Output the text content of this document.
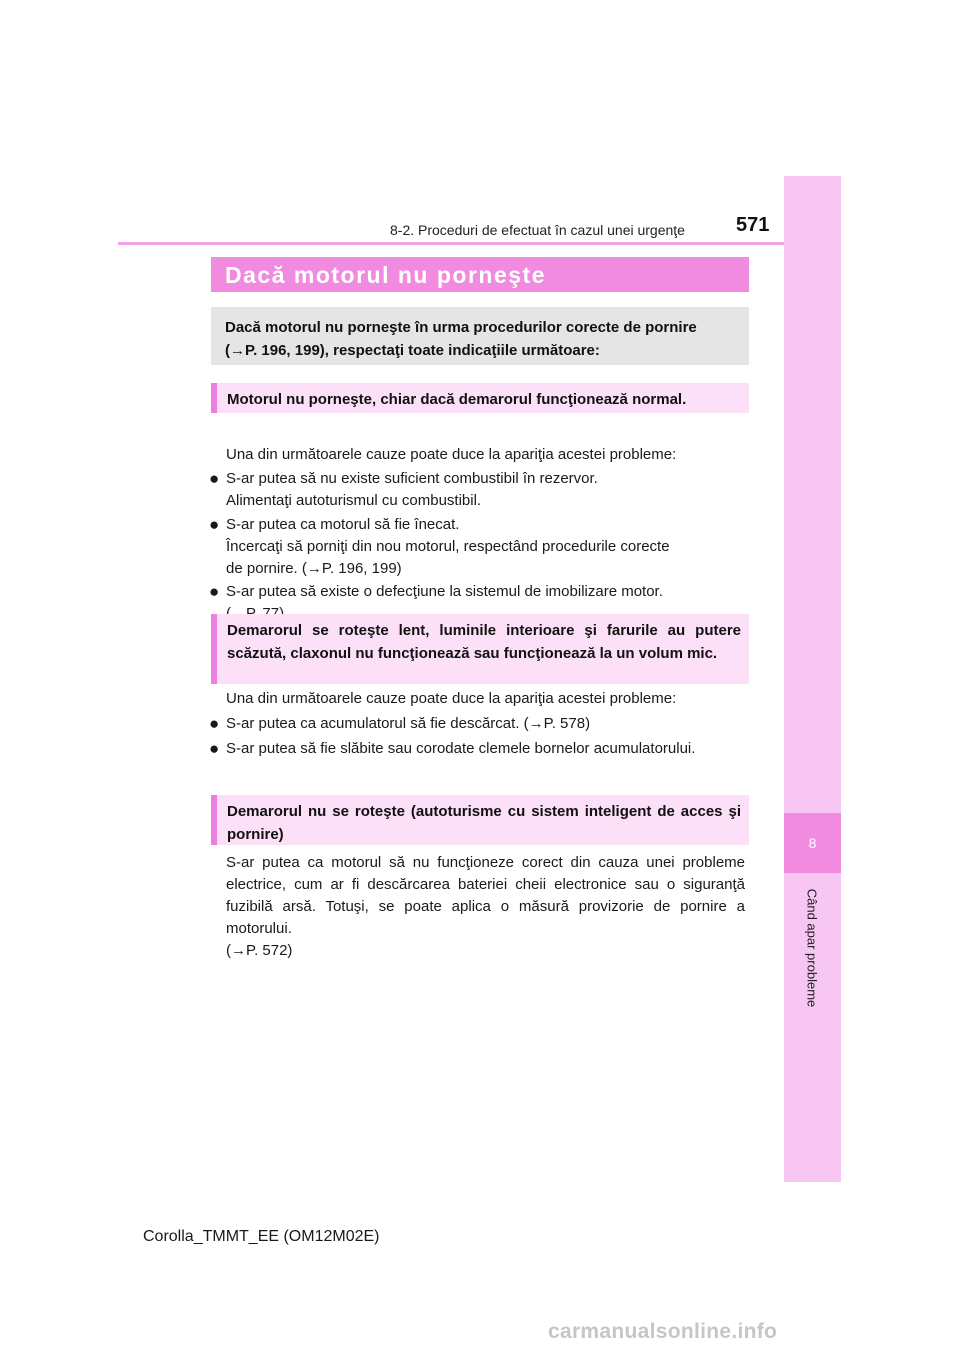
8
Când apar probleme
8-2. Proceduri de efectuat în cazul unei urgenţe	571
Dacă motorul nu porneşte
Dacă motorul nu porneşte în urma procedurilor corecte de pornire
(→P. 196, 199), respectaţi toate indicaţiile următoare:
Motorul nu porneşte, chiar dacă demarorul funcţionează normal.
Una din următoarele cauze poate duce la apariţia acestei probleme:
● S-ar putea să nu existe suficient combustibil în rezervor.
Alimentaţi autoturismul cu combustibil.
● S-ar putea ca motorul să fie înecat.
Încercaţi să porniţi din nou motorul, respectând procedurile corecte
de pornire. (→P. 196, 199)
● S-ar putea să existe o defecţiune la sistemul de imobilizare motor.
Demarorul se roteşte lent, luminile interioare şi farurile au putere scăzută, claxonul nu funcţionează sau funcţionează la un volum mic.
Una din următoarele cauze poate duce la apariţia acestei probleme:
● S-ar putea ca acumulatorul să fie descărcat. (→P. 578)
● S-ar putea să fie slăbite sau corodate clemele bornelor acumulatorului.
Demarorul nu se roteşte (autoturisme cu sistem inteligent de acces şi pornire)
S-ar putea ca motorul să nu funcţioneze corect din cauza unei probleme electrice, cum ar fi descărcarea bateriei cheii electronice sau o siguranţă fuzibilă arsă. Totuşi, se poate aplica o măsură provizorie de pornire a motorului.
(→P. 572)
Corolla_TMMT_EE (OM12M02E)
carmanualsonline.info
